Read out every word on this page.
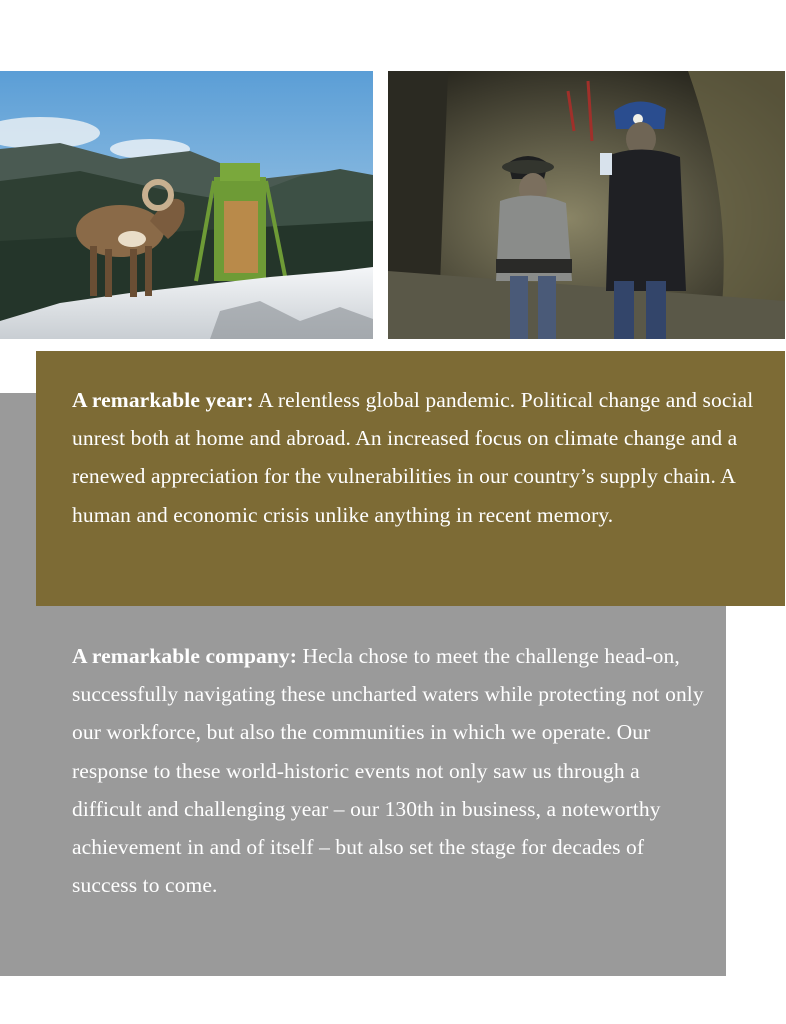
A remarkable year: A relentless global pandemic. Political change and social unrest both at home and abroad. An increased focus on climate change and a renewed appreciation for the vulnerabilities in our country’s supply chain. A human and economic crisis unlike anything in recent memory.

A remarkable company: Hecla chose to meet the challenge head-on, successfully navigating these uncharted waters while protecting not only our workforce, but also the communities in which we operate. Our response to these world-historic events not only saw us through a difficult and challenging year – our 130th in business, a noteworthy achievement in and of itself – but also set the stage for decades of success to come.
